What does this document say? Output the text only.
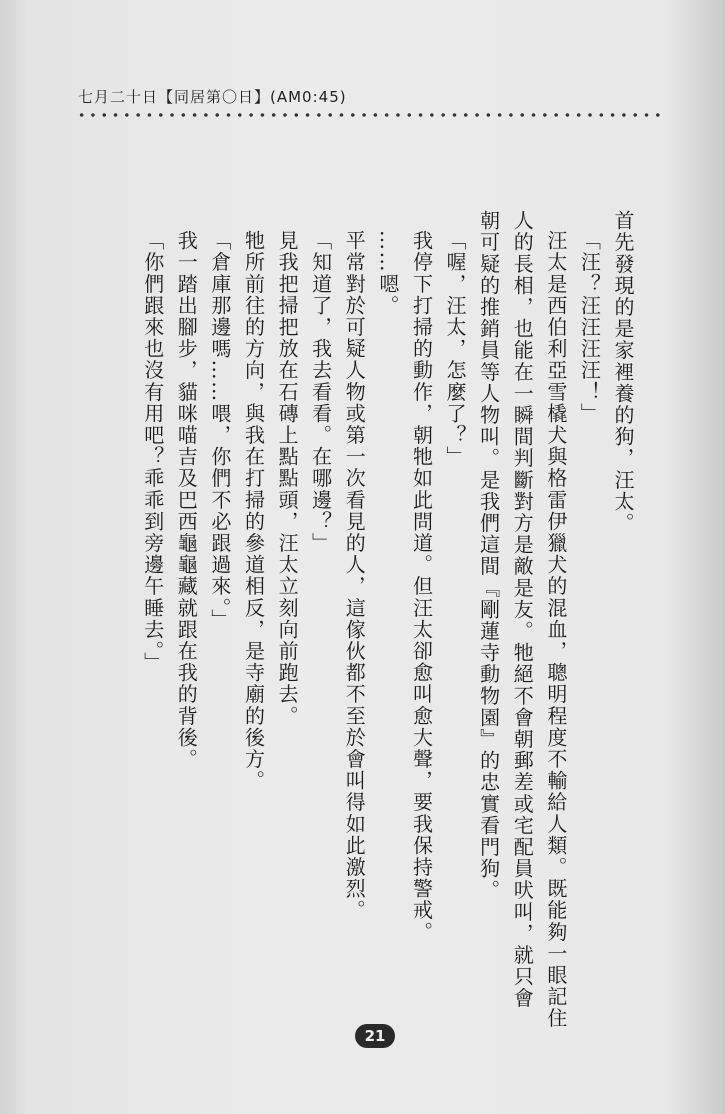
七月二十日【同居第〇日】(AM0:45)

首先發現的是家裡養的狗，汪太。

「汪？汪汪汪汪！」

汪太是西伯利亞雪橇犬與格雷伊獵犬的混血，聰明程度不輸給人類。既能夠一眼記住人的長相，也能在一瞬間判斷對方是敵是友。牠絕不會朝郵差或宅配員吠叫，就只會朝可疑的推銷員等人物叫。是我們這間『剛蓮寺動物園』的忠實看門狗。

「喔，汪太，怎麼了？」

我停下打掃的動作，朝牠如此問道。但汪太卻愈叫愈大聲，要我保持警戒。

……嗯。

平常對於可疑人物或第一次看見的人，這傢伙都不至於會叫得如此激烈。

「知道了，我去看看。在哪邊？」

見我把掃把放在石磚上點點頭，汪太立刻向前跑去。

牠所前往的方向，與我在打掃的參道相反，是寺廟的後方。

「倉庫那邊嗎……喂，你們不必跟過來。」

我一踏出腳步，貓咪喵吉及巴西龜龜藏就跟在我的背後。

「你們跟來也沒有用吧？乖乖到旁邊午睡去。」

21
